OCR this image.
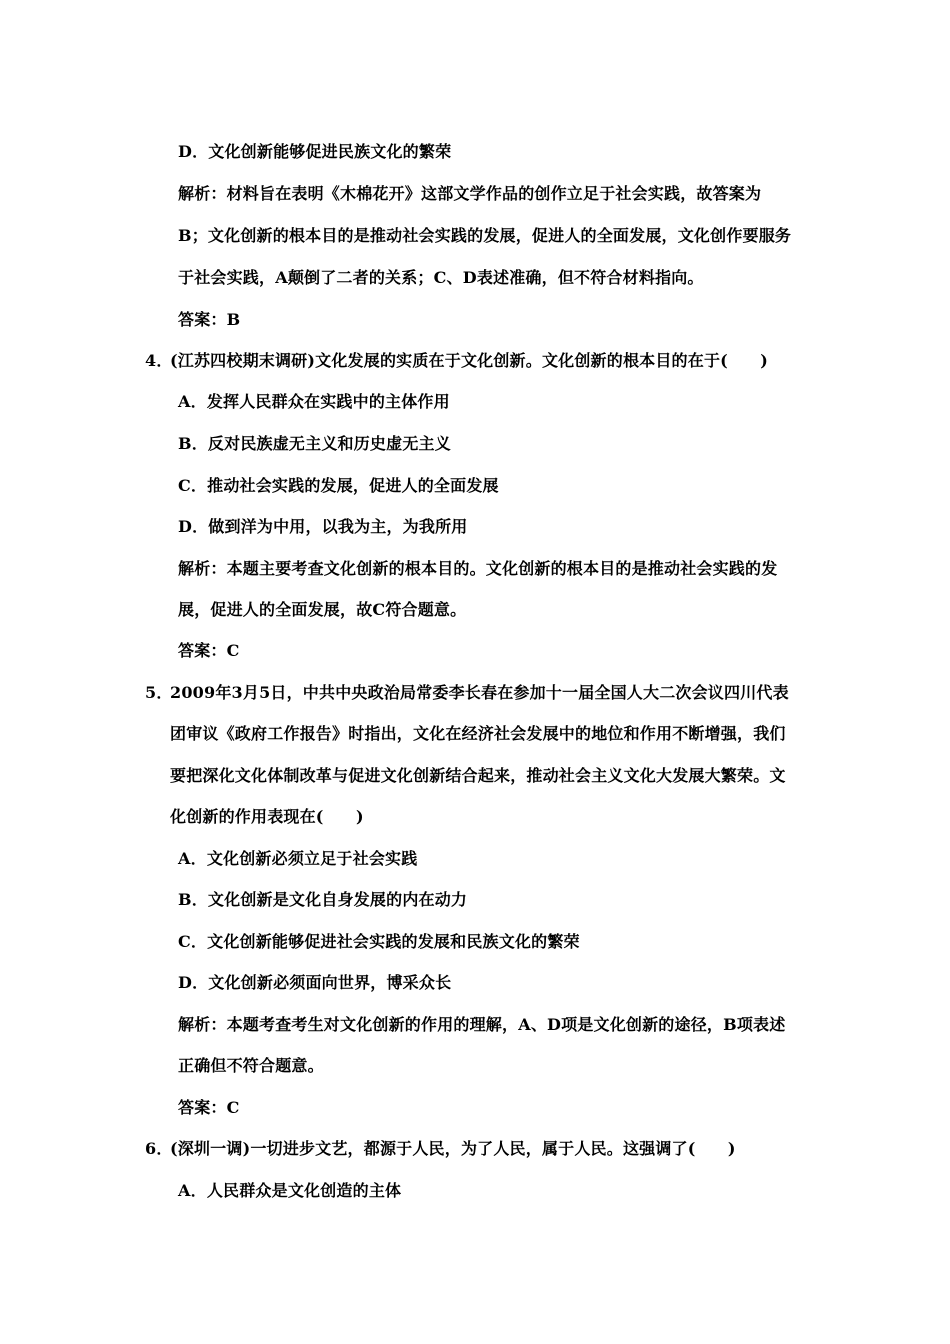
D．文化创新能够促进民族文化的繁荣
解析：材料旨在表明《木棉花开》这部文学作品的创作立足于社会实践，故答案为
B；文化创新的根本目的是推动社会实践的发展，促进人的全面发展，文化创作要服务
于社会实践，A颠倒了二者的关系；C、D表述准确，但不符合材料指向。
答案：B
4．(江苏四校期末调研)文化发展的实质在于文化创新。文化创新的根本目的在于(　　)
A．发挥人民群众在实践中的主体作用
B．反对民族虚无主义和历史虚无主义
C．推动社会实践的发展，促进人的全面发展
D．做到洋为中用，以我为主，为我所用
解析：本题主要考查文化创新的根本目的。文化创新的根本目的是推动社会实践的发
展，促进人的全面发展，故C符合题意。
答案：C
5．2009年3月5日，中共中央政治局常委李长春在参加十一届全国人大二次会议四川代表
团审议《政府工作报告》时指出，文化在经济社会发展中的地位和作用不断增强，我们
要把深化文化体制改革与促进文化创新结合起来，推动社会主义文化大发展大繁荣。文
化创新的作用表现在(　　)
A．文化创新必须立足于社会实践
B．文化创新是文化自身发展的内在动力
C．文化创新能够促进社会实践的发展和民族文化的繁荣
D．文化创新必须面向世界，博采众长
解析：本题考查考生对文化创新的作用的理解，A、D项是文化创新的途径，B项表述
正确但不符合题意。
答案：C
6．(深圳一调)一切进步文艺，都源于人民，为了人民，属于人民。这强调了(　　)
A．人民群众是文化创造的主体
